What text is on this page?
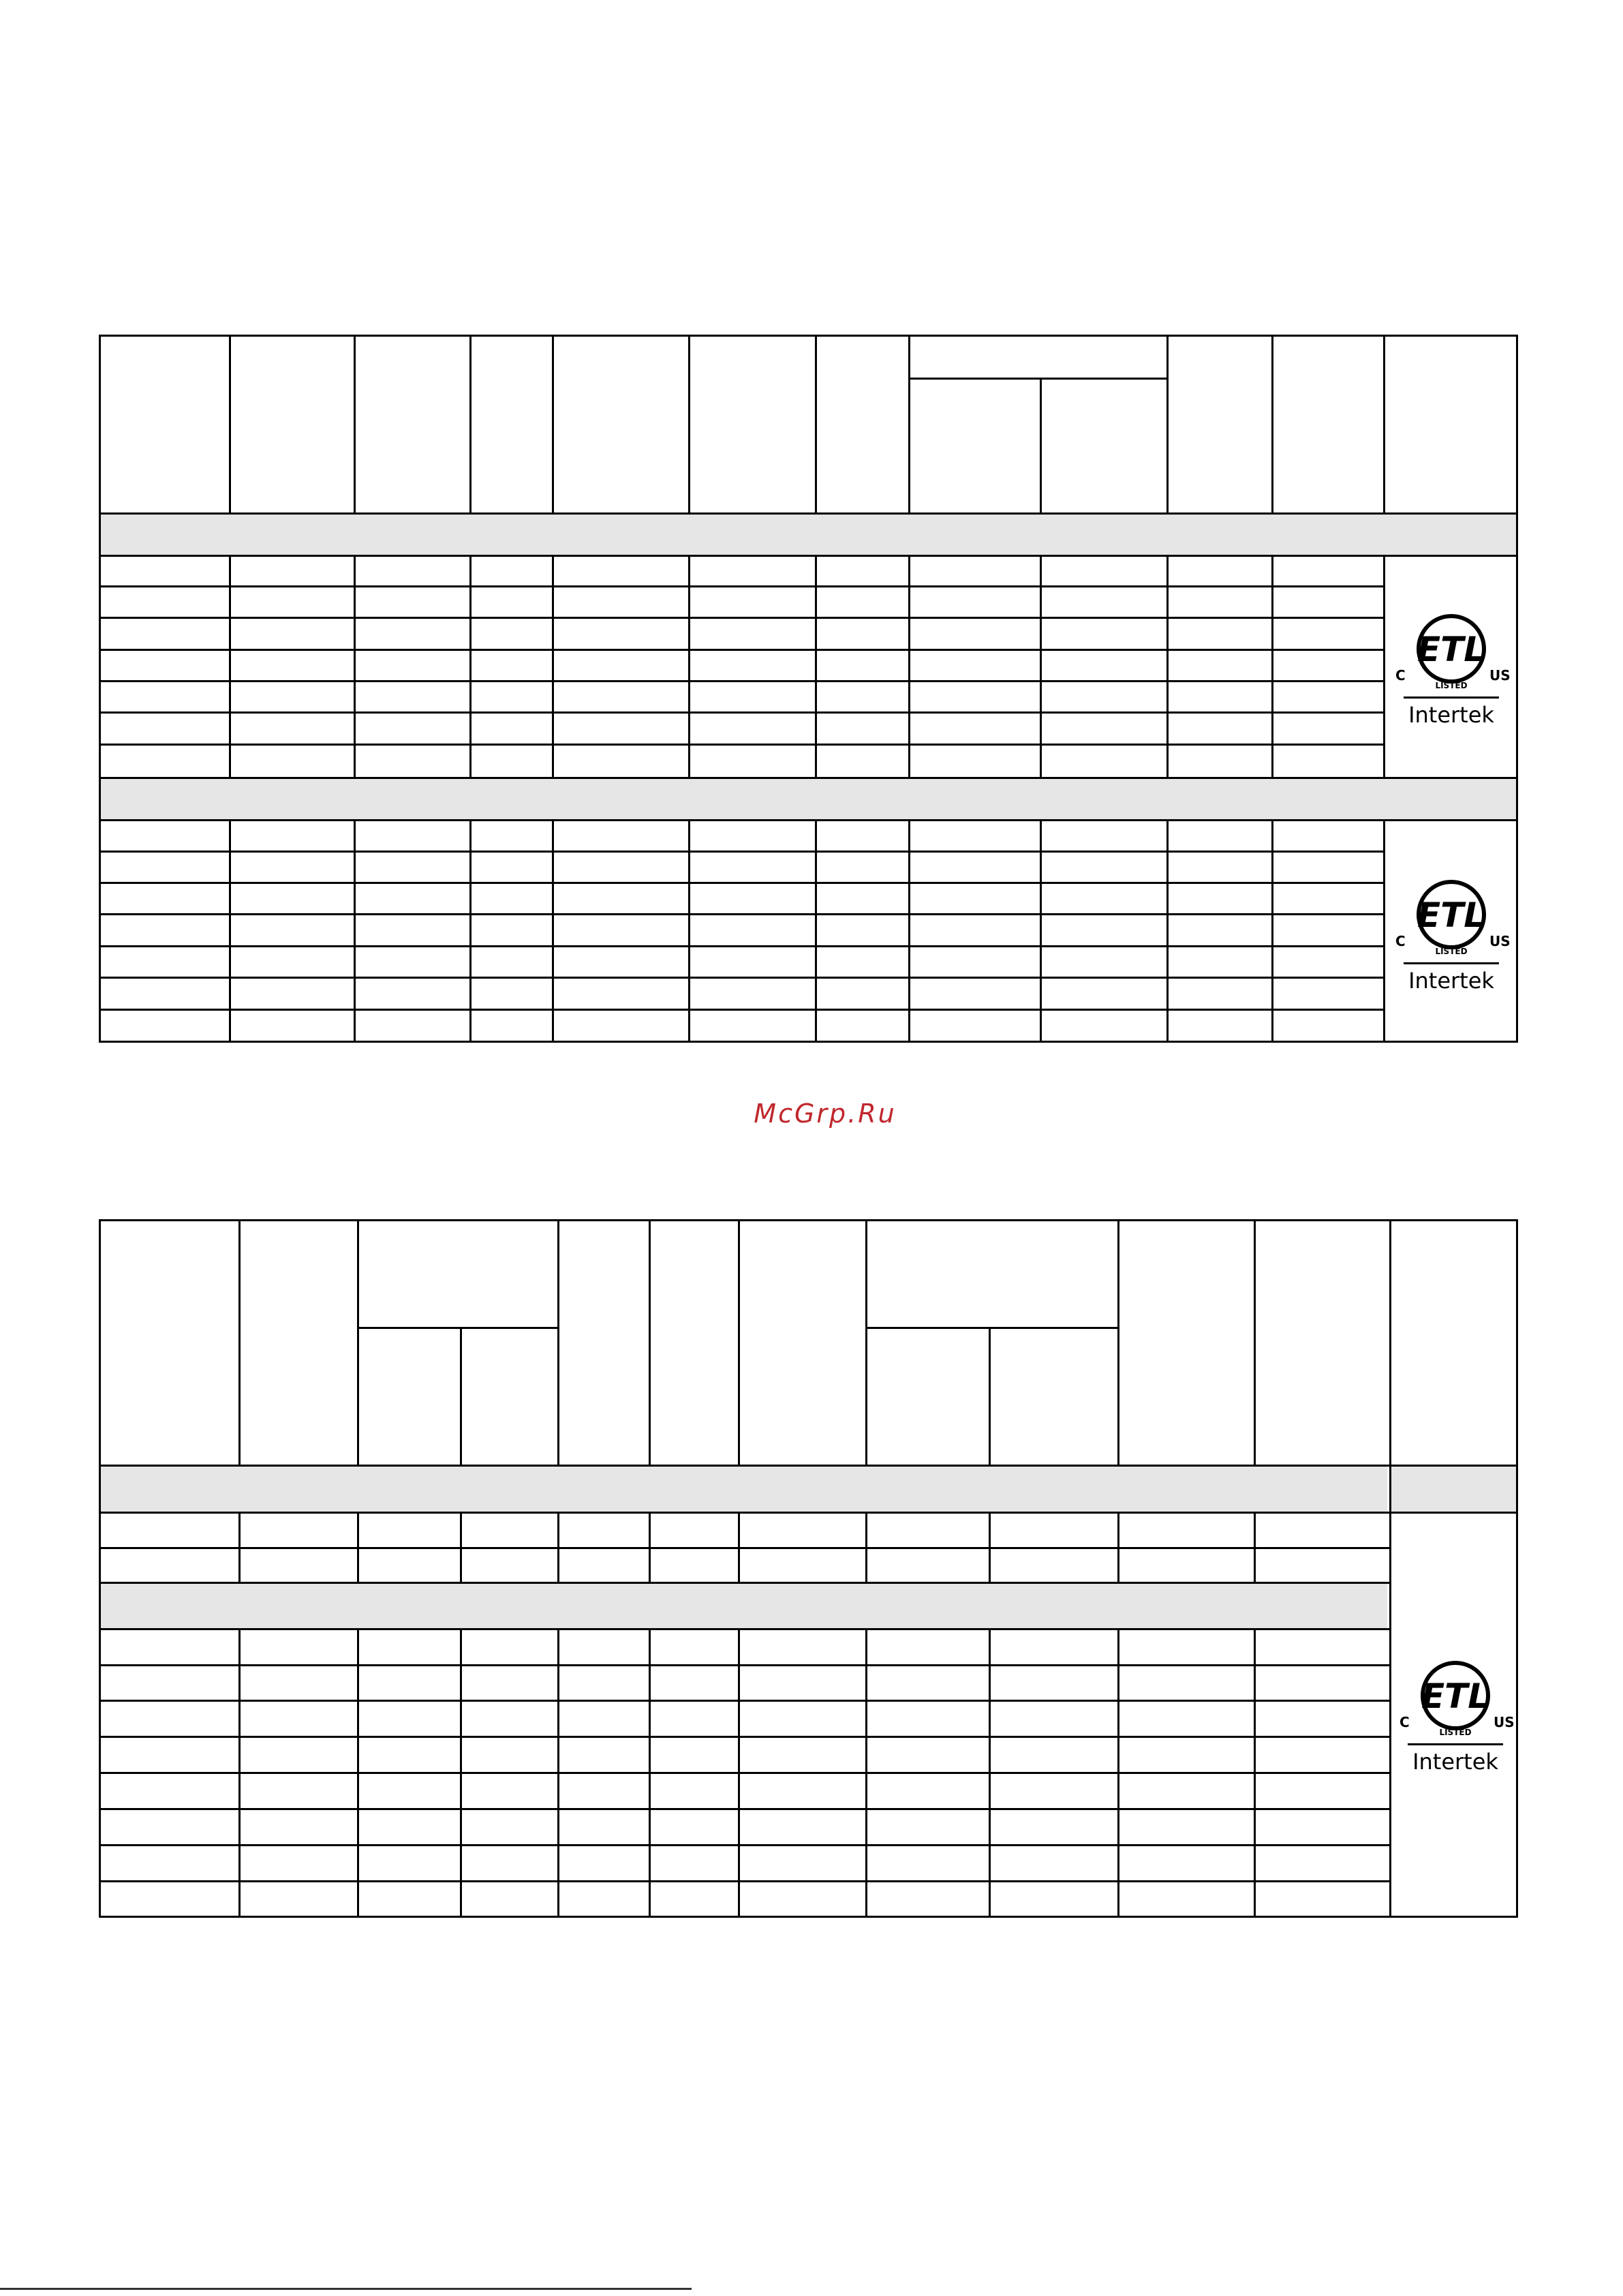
ETL
LISTED
C	US
Intertek
ETL
LISTED
C	US
Intertek
McGrp.Ru
ETL
LISTED
C	US
Intertek
